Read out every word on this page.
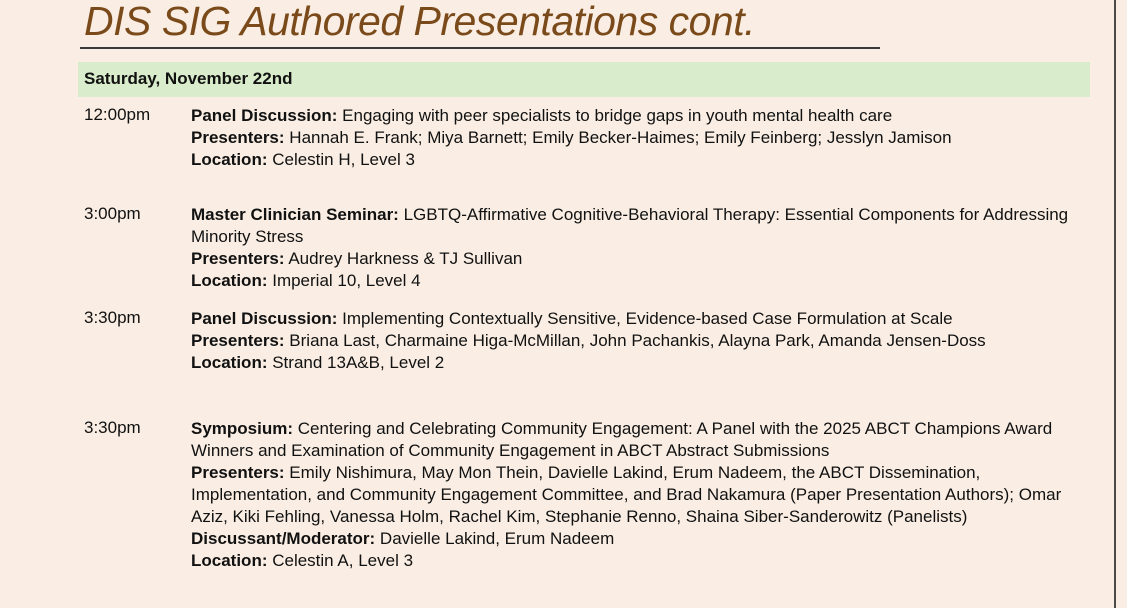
DIS SIG Authored Presentations cont.
Saturday, November 22nd
12:00pm Panel Discussion: Engaging with peer specialists to bridge gaps in youth mental health care

Presenters: Hannah E. Frank; Miya Barnett; Emily Becker-Haimes; Emily Feinberg; Jesslyn Jamison

Location: Celestin H, Level 3

3:00pm	Master Clinician Seminar: LGBTQ-Affirmative Cognitive-Behavioral Therapy: Essential Components for Addressing Minority Stress

Presenters: Audrey Harkness & TJ Sullivan

Location: Imperial 10, Level 4

3:30pm	Panel Discussion: Implementing Contextually Sensitive, Evidence-based Case Formulation at Scale

Presenters: Briana Last, Charmaine Higa-McMillan, John Pachankis, Alayna Park, Amanda Jensen-Doss

Location: Strand 13A&B, Level 2

3:30pm	Symposium: Centering and Celebrating Community Engagement: A Panel with the 2025 ABCT Champions Award Winners and Examination of Community Engagement in ABCT Abstract Submissions

Presenters: Emily Nishimura, May Mon Thein, Davielle Lakind, Erum Nadeem, the ABCT Dissemination, Implementation, and Community Engagement Committee, and Brad Nakamura (Paper Presentation Authors); Omar Aziz, Kiki Fehling, Vanessa Holm, Rachel Kim, Stephanie Renno, Shaina Siber-Sanderowitz (Panelists)

Discussant/Moderator: Davielle Lakind, Erum Nadeem

Location: Celestin A, Level 3
